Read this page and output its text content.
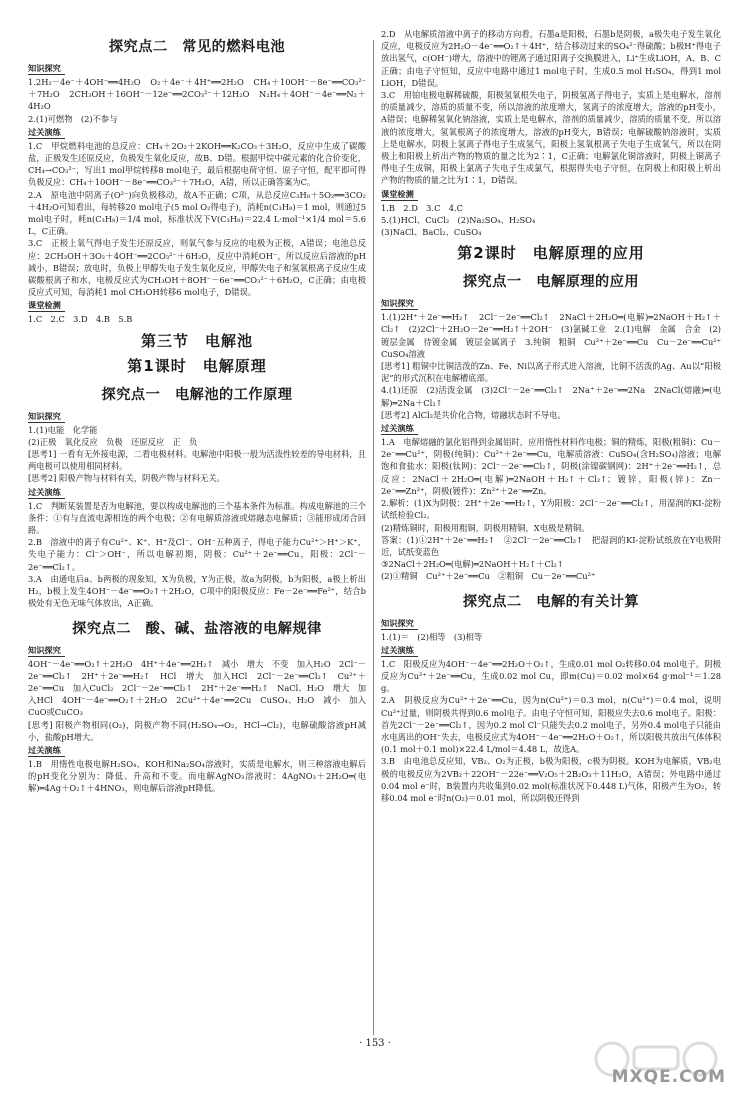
探究点二　常见的燃料电池
知识探究

1.2H₂－4e⁻＋4OH⁻══4H₂O　O₂＋4e⁻＋4H⁺══2H₂O　CH₄＋10OH⁻－8e⁻══CO₃²⁻＋7H₂O　2CH₃OH＋16OH⁻－12e⁻══2CO₃²⁻＋12H₂O　N₂H₄＋4OH⁻－4e⁻══N₂＋4H₂O

2.(1)可燃物　(2)不参与

过关演练

1.C　甲烷燃料电池的总反应：CH₄＋2O₂＋2KOH══K₂CO₃＋3H₂O，反应中生成了碳酸盐，正极发生还原反应，负极发生氧化反应，故B、D错。根据甲烷中碳元素的化合价变化，CH₄→CO₃²⁻，写出1 mol甲烷转移8 mol电子，最后根据电荷守恒、原子守恒，配平即可得负极反应：CH₄＋10OH⁻－8e⁻══CO₃²⁻＋7H₂O，A错，所以正确答案为C。

2.A　原电池中阴离子(O²⁻)向负极移动，故A不正确；C项，从总反应C₃H₈＋5O₂══3CO₂＋4H₂O可知看出，每转移20 mol电子(5 mol O₂得电子)，消耗n(C₃H₈)＝1 mol，则通过5 mol电子时，耗n(C₃H₈)＝1/4 mol，标准状况下V(C₃H₈)＝22.4 L·mol⁻¹×1/4 mol＝5.6 L，C正确。

3.C　正极上氧气得电子发生还原反应，则氧气参与反应的电极为正极，A错误；电池总反应：2CH₃OH＋3O₂＋4OH⁻══2CO₃²⁻＋6H₂O，反应中消耗OH⁻，所以反应后溶液的pH减小，B错误；放电时，负极上甲醇失电子发生氧化反应，甲醇失电子和氢氧根离子反应生成碳酸根离子和水，电极反应式为CH₃OH＋8OH⁻－6e⁻══CO₃²⁻＋6H₂O，C正确；由电极反应式可知，每消耗1 mol CH₃OH转移6 mol电子，D错误。

课堂检测

1.C　2.C　3.D　4.B　5.B

第三节　电解池
第1课时　电解原理
探究点一　电解池的工作原理
知识探究

1.(1)电能　化学能

(2)正极　氧化反应　负极　还原反应　正　负

[思考1] 一看有无外接电源，二看电极材料。电解池中阳极一般为活泼性较差的导电材料，且两电极可以使用相同材料。

[思考2] 阳极产物与材料有关，阴极产物与材料无关。

过关演练

1.C　判断某装置是否为电解池，要以构成电解池的三个基本条件为标准。构成电解池的三个条件：①有与直流电源相连的两个电极；②有电解质溶液或熔融态电解质；③能形成闭合回路。

2.B　溶液中的离子有Cu²⁺、K⁺、H⁺及Cl⁻、OH⁻五种离子，得电子能力Cu²⁺＞H⁺＞K⁺，失电子能力：Cl⁻＞OH⁻，所以电解初期，阴极：Cu²⁺＋2e⁻══Cu，阳极：2Cl⁻－2e⁻══Cl₂↑。

3.A　由通电后a、b两极的现象知，X为负极，Y为正极，故a为阴极，b为阳极，a极上析出H₂，b极上发生4OH⁻－4e⁻══O₂↑＋2H₂O，C项中的阳极反应：Fe－2e⁻══Fe²⁺，结合b极处有无色无味气体放出，A正确。

探究点二　酸、碱、盐溶液的电解规律
知识探究

4OH⁻－4e⁻══O₂↑＋2H₂O　4H⁺＋4e⁻══2H₂↑　减小　增大　不变　加入H₂O　2Cl⁻－2e⁻══Cl₂↑　2H⁺＋2e⁻══H₂↑　HCl　增大　加入HCl　2Cl⁻－2e⁻══Cl₂↑　Cu²⁺＋2e⁻══Cu　加入CuCl₂　2Cl⁻－2e⁻══Cl₂↑　2H⁺＋2e⁻══H₂↑　NaCl、H₂O　增大　加入HCl　4OH⁻－4e⁻══O₂↑＋2H₂O　2Cu²⁺＋4e⁻══2Cu　CuSO₄、H₂O　减小　加入CuO或CuCO₃

[思考] 阳极产物相同(O₂)，阴极产物不同(H₂SO₄→O₂，HCl→Cl₂)，电解硫酸溶液pH减小，盐酸pH增大。

过关演练

1.B　用惰性电极电解H₂SO₄、KOH和Na₂SO₄溶液时，实质是电解水，则三种溶液电解后的pH变化分别为：降低、升高和不变。而电解AgNO₃溶液时：4AgNO₃＋2H₂O═(电解)═4Ag＋O₂↑＋4HNO₃，则电解后溶液pH降低。

2.D　从电解质溶液中离子的移动方向看，石墨a是阳极，石墨b是阴极，a极失电子发生氧化反应，电极反应为2H₂O－4e⁻══O₂↑＋4H⁺，结合移动过来的SO₄²⁻得硫酸；b极H⁺得电子放出氢气，c(OH⁻)增大，溶液中的锂离子通过阳离子交换膜进入，Li⁺生成LiOH，A、B、C正确；由电子守恒知，反应中电路中通过1 mol电子时，生成0.5 mol H₂SO₄，得到1 mol LiOH，D错误。

3.C　用铂电极电解稀硫酸，阳极氢氧根失电子，阴极氢离子得电子，实质上是电解水，溶剂的质量减少，溶质的质量不变，所以溶液的浓度增大，氢离子的浓度增大，溶液的pH变小，A错误；电解稀氢氧化钠溶液，实质上是电解水，溶剂的质量减少，溶质的质量不变，所以溶液的浓度增大，氢氧根离子的浓度增大，溶液的pH变大，B错误；电解硫酸钠溶液时，实质上是电解水，阴极上氢离子得电子生成氢气，阳极上氢氧根离子失电子生成氧气，所以在阴极上和阳极上析出产物的物质的量之比为2∶1，C正确；电解氯化铜溶液时，阴极上铜离子得电子生成铜，阳极上氯离子失电子生成氯气，根据得失电子守恒，在阴极上和阳极上析出产物的物质的量之比为1∶1，D错误。

课堂检测

1.B　2.D　3.C　4.C

5.(1)HCl、CuCl₂　(2)Na₂SO₄、H₂SO₄

(3)NaCl、BaCl₂、CuSO₄

第2课时　电解原理的应用
探究点一　电解原理的应用
知识探究

1.(1)2H⁺＋2e⁻══H₂↑　2Cl⁻－2e⁻══Cl₂↑　2NaCl＋2H₂O═(电解)═2NaOH＋H₂↑＋Cl₂↑　(2)2Cl⁻＋2H₂O－2e⁻══H₂↑＋2OH⁻　(3)氯碱工业　2.(1)电解　金属　合金　(2)镀层金属　待镀金属　镀层金属离子　3.纯铜　粗铜　Cu²⁺＋2e⁻══Cu　Cu－2e⁻══Cu²⁺　CuSO₄溶液

[思考1] 粗铜中比铜活泼的Zn、Fe、Ni以离子形式进入溶液，比铜不活泼的Ag、Au以“阳极泥”的形式沉积在电解槽底部。

4.(1)还原　(2)活泼金属　(3)2Cl⁻－2e⁻══Cl₂↑　2Na⁺＋2e⁻══2Na　2NaCl(熔融)═(电解)═2Na＋Cl₂↑

[思考2] AlCl₃是共价化合物，熔融状态时不导电。

过关演练

1.A　电解熔融的氯化铝得到金属铝时，应用惰性材料作电极；铜的精炼，阳极(粗铜)：Cu－2e⁻══Cu²⁺，阴极(纯铜)：Cu²⁺＋2e⁻══Cu，电解质溶液：CuSO₄(含H₂SO₄)溶液；电解饱和食盐水：阳极(钛网)：2Cl⁻－2e⁻══Cl₂↑，阴极(涂镍碳钢网)：2H⁺＋2e⁻══H₂↑，总反应：2NaCl＋2H₂O═(电解)═2NaOH＋H₂↑＋Cl₂↑；镀锌，阳极(锌)：Zn－2e⁻══Zn²⁺，阴极(镀件)：Zn²⁺＋2e⁻══Zn。

2.解析：(1)X为阴极：2H⁺＋2e⁻══H₂↑，Y为阳极：2Cl⁻－2e⁻══Cl₂↑，用湿润的KI-淀粉试纸检验Cl₂。

(2)精炼铜时，阳极用粗铜，阴极用精铜，X电极是精铜。

答案：(1)①2H⁺＋2e⁻══H₂↑　②2Cl⁻－2e⁻══Cl₂↑　把湿润的KI-淀粉试纸放在Y电极附近，试纸变蓝色

③2NaCl＋2H₂O═(电解)═2NaOH＋H₂↑＋Cl₂↑

(2)①精铜　Cu²⁺＋2e⁻══Cu　②粗铜　Cu－2e⁻══Cu²⁺

探究点二　电解的有关计算
知识探究

1.(1)＝　(2)相等　(3)相等

过关演练

1.C　阳极反应为4OH⁻－4e⁻══2H₂O＋O₂↑，生成0.01 mol O₂转移0.04 mol电子。阴极反应为Cu²⁺＋2e⁻══Cu，生成0.02 mol Cu，即m(Cu)＝0.02 mol×64 g·mol⁻¹＝1.28 g。

2.A　阴极反应为Cu²⁺＋2e⁻══Cu，因为n(Cu²⁺)＝0.3 mol，n(Cu²⁺)＝0.4 mol，说明Cu²⁺过量，则阴极共得到0.6 mol电子。由电子守恒可知，阳极应失去0.6 mol电子。阳极：首先2Cl⁻－2e⁻══Cl₂↑，因为0.2 mol Cl⁻只能失去0.2 mol电子，另外0.4 mol电子只能由水电离出的OH⁻失去，电极反应式为4OH⁻－4e⁻══2H₂O＋O₂↑，所以阳极共放出气体体积(0.1 mol＋0.1 mol)×22.4 L/mol＝4.48 L，故选A。

3.B　由电池总反应知，VB₂、O₂为正极，b极为阳极，c极为阴极。KOH为电解质，VB₂电极的电极反应为2VB₂＋22OH⁻－22e⁻══V₂O₅＋2B₂O₃＋11H₂O，A错误；外电路中通过0.04 mol e⁻时，B装置内共收集到0.02 mol(标准状况下0.448 L)气体，阳极产生为O₂，转移0.04 mol e⁻时n(O₂)＝0.01 mol，所以阴极还得到

· 153 ·
MXQE.COM
